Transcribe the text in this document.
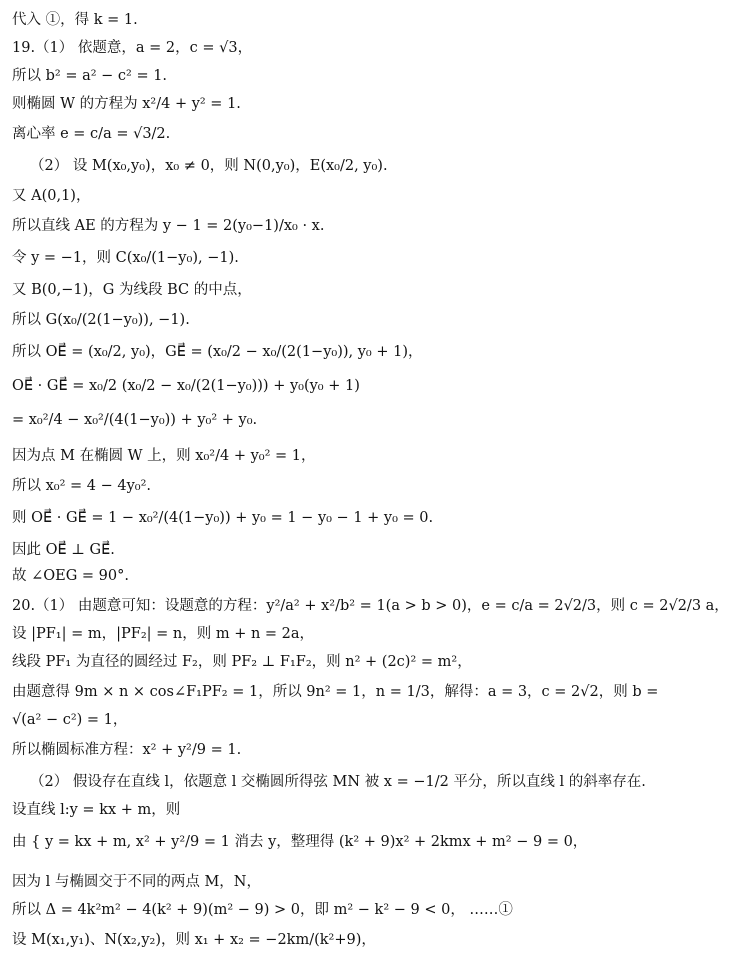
代入 ①，得 k = 1.
19.（1） 依题意，a = 2，c = √3，
所以 b² = a² − c² = 1.
则椭圆 W 的方程为 x²/4 + y² = 1.
离心率 e = c/a = √3/2.
（2） 设 M(x₀,y₀)，x₀ ≠ 0，则 N(0,y₀)，E(x₀/2, y₀).
又 A(0,1)，
所以直线 AE 的方程为 y − 1 = 2(y₀−1)/x₀ · x.
令 y = −1，则 C(x₀/(1−y₀), −1).
又 B(0,−1)，G 为线段 BC 的中点，
所以 G(x₀/(2(1−y₀)), −1).
所以 OE⃗ = (x₀/2, y₀)，GE⃗ = (x₀/2 − x₀/(2(1−y₀)), y₀ + 1)，
OE⃗ · GE⃗ = x₀/2 (x₀/2 − x₀/(2(1−y₀))) + y₀(y₀ + 1)
= x₀²/4 − x₀²/(4(1−y₀)) + y₀² + y₀.
因为点 M 在椭圆 W 上，则 x₀²/4 + y₀² = 1，
所以 x₀² = 4 − 4y₀².
则 OE⃗ · GE⃗ = 1 − x₀²/(4(1−y₀)) + y₀ = 1 − y₀ − 1 + y₀ = 0.
因此 OE⃗ ⊥ GE⃗.
故 ∠OEG = 90°.
20.（1） 由题意可知：设题意的方程：y²/a² + x²/b² = 1(a > b > 0)，e = c/a = 2√2/3，则 c = 2√2/3 a，
设 |PF₁| = m，|PF₂| = n，则 m + n = 2a，
线段 PF₁ 为直径的圆经过 F₂，则 PF₂ ⊥ F₁F₂，则 n² + (2c)² = m²，
由题意得 9m × n × cos∠F₁PF₂ = 1，所以 9n² = 1，n = 1/3，解得：a = 3，c = 2√2，则 b =
√(a² − c²) = 1，
所以椭圆标准方程：x² + y²/9 = 1.
（2） 假设存在直线 l，依题意 l 交椭圆所得弦 MN 被 x = −1/2 平分，所以直线 l 的斜率存在.
设直线 l:y = kx + m，则
由 { y = kx + m, x² + y²/9 = 1 消去 y，整理得 (k² + 9)x² + 2kmx + m² − 9 = 0，
因为 l 与椭圆交于不同的两点 M，N，
所以 Δ = 4k²m² − 4(k² + 9)(m² − 9) > 0，即 m² − k² − 9 < 0， ……①
设 M(x₁,y₁)、N(x₂,y₂)，则 x₁ + x₂ = −2km/(k²+9)，
